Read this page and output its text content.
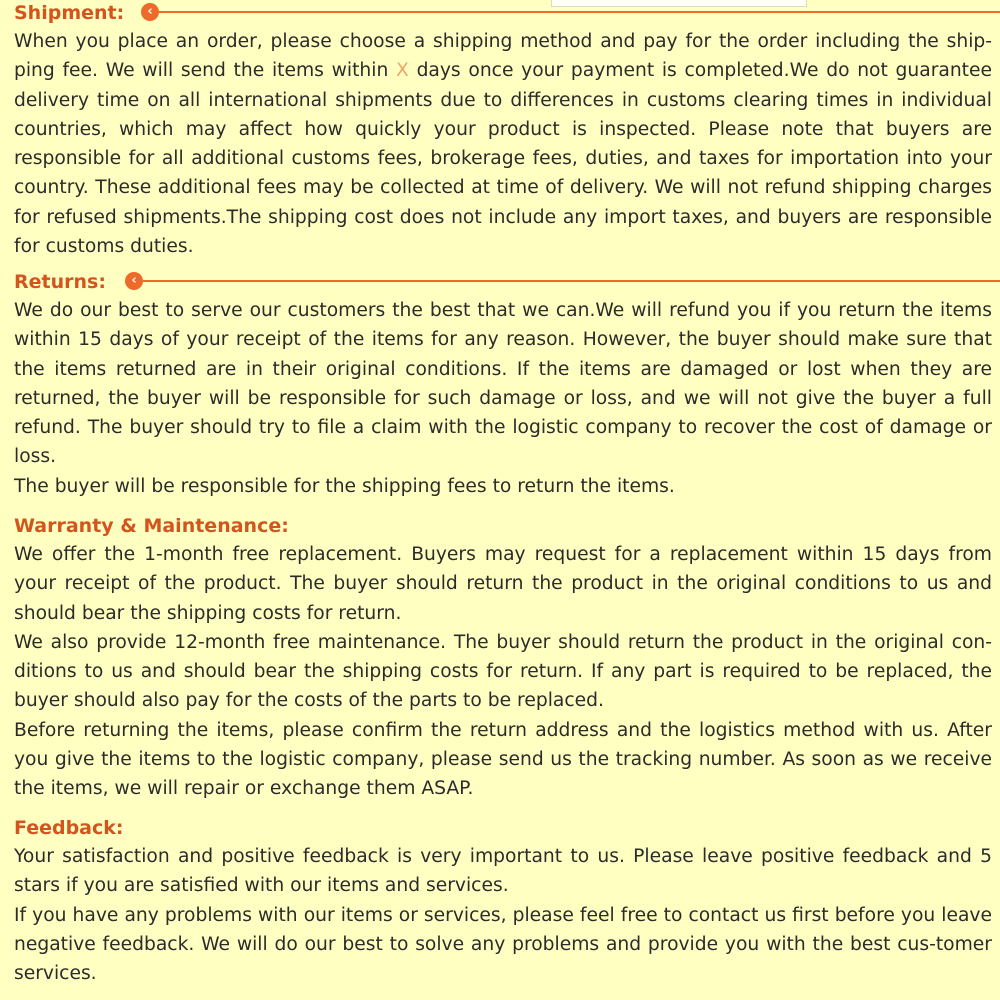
Shipment:	‹

When you place an order, please choose a shipping method and pay for the order including the ship-ping fee. We will send the items within X days once your payment is completed.We do not guarantee delivery time on all international shipments due to differences in customs clearing times in individual countries, which may affect how quickly your product is inspected. Please note that buyers are responsible for all additional customs fees, brokerage fees, duties, and taxes for importation into your country. These additional fees may be collected at time of delivery. We will not refund shipping charges for refused shipments.The shipping cost does not include any import taxes, and buyers are responsible for customs duties.

Returns:	‹

We do our best to serve our customers the best that we can.We will refund you if you return the items within 15 days of your receipt of the items for any reason. However, the buyer should make sure that the items returned are in their original conditions. If the items are damaged or lost when they are returned, the buyer will be responsible for such damage or loss, and we will not give the buyer a full refund. The buyer should try to file a claim with the logistic company to recover the cost of damage or loss.

The buyer will be responsible for the shipping fees to return the items.

Warranty & Maintenance:

We offer the 1-month free replacement. Buyers may request for a replacement within 15 days from your receipt of the product. The buyer should return the product in the original conditions to us and should bear the shipping costs for return.

We also provide 12-month free maintenance. The buyer should return the product in the original con-ditions to us and should bear the shipping costs for return. If any part is required to be replaced, the buyer should also pay for the costs of the parts to be replaced.

Before returning the items, please confirm the return address and the logistics method with us. After you give the items to the logistic company, please send us the tracking number. As soon as we receive the items, we will repair or exchange them ASAP.

Feedback:

Your satisfaction and positive feedback is very important to us. Please leave positive feedback and 5 stars if you are satisfied with our items and services.

If you have any problems with our items or services, please feel free to contact us first before you leave negative feedback. We will do our best to solve any problems and provide you with the best cus-tomer services.
